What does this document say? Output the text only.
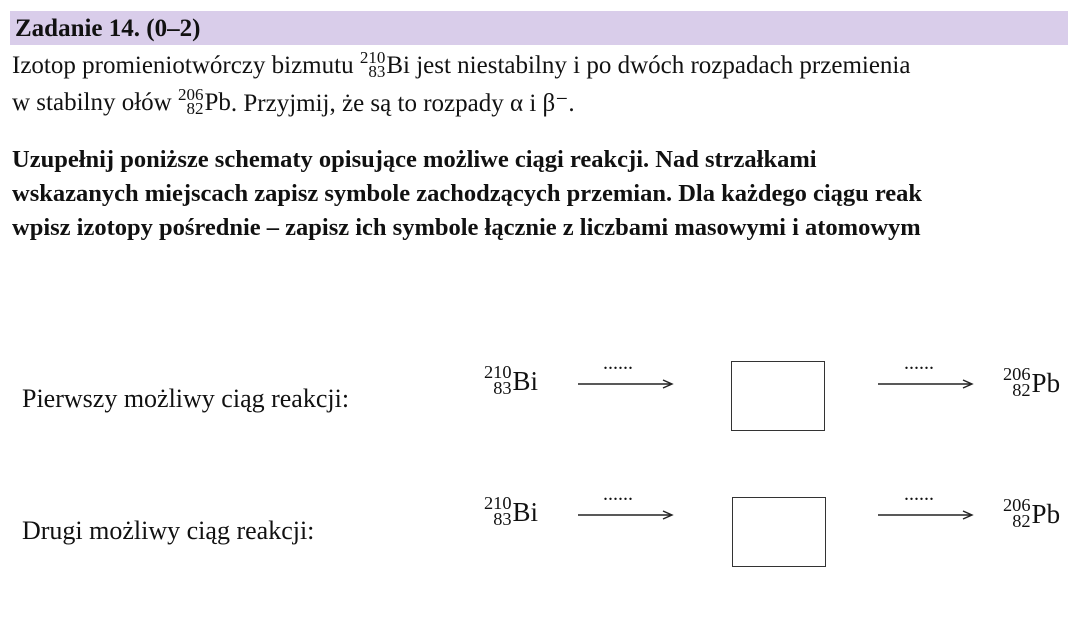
Zadanie 14. (0–2)
Izotop promieniotwórczy bizmutu
210
83 Bi
jest niestabilny i po dwóch rozpadach przemienia
w stabilny ołów
206
82 Pb . Przyjmij, że są to rozpady α i β⁻.
Uzupełnij poniższe schematy opisujące możliwe ciągi reakcji. Nad strzałkami
wskazanych miejscach zapisz symbole zachodzących przemian. Dla każdego ciągu reak
wpisz izotopy pośrednie – zapisz ich symbole łącznie z liczbami masowymi i atomowym
Pierwszy możliwy ciąg reakcji:
210
83 Bi
......	......	206
82 Pb
Drugi możliwy ciąg reakcji:
210
83 Bi
......	......	206
82 Pb
